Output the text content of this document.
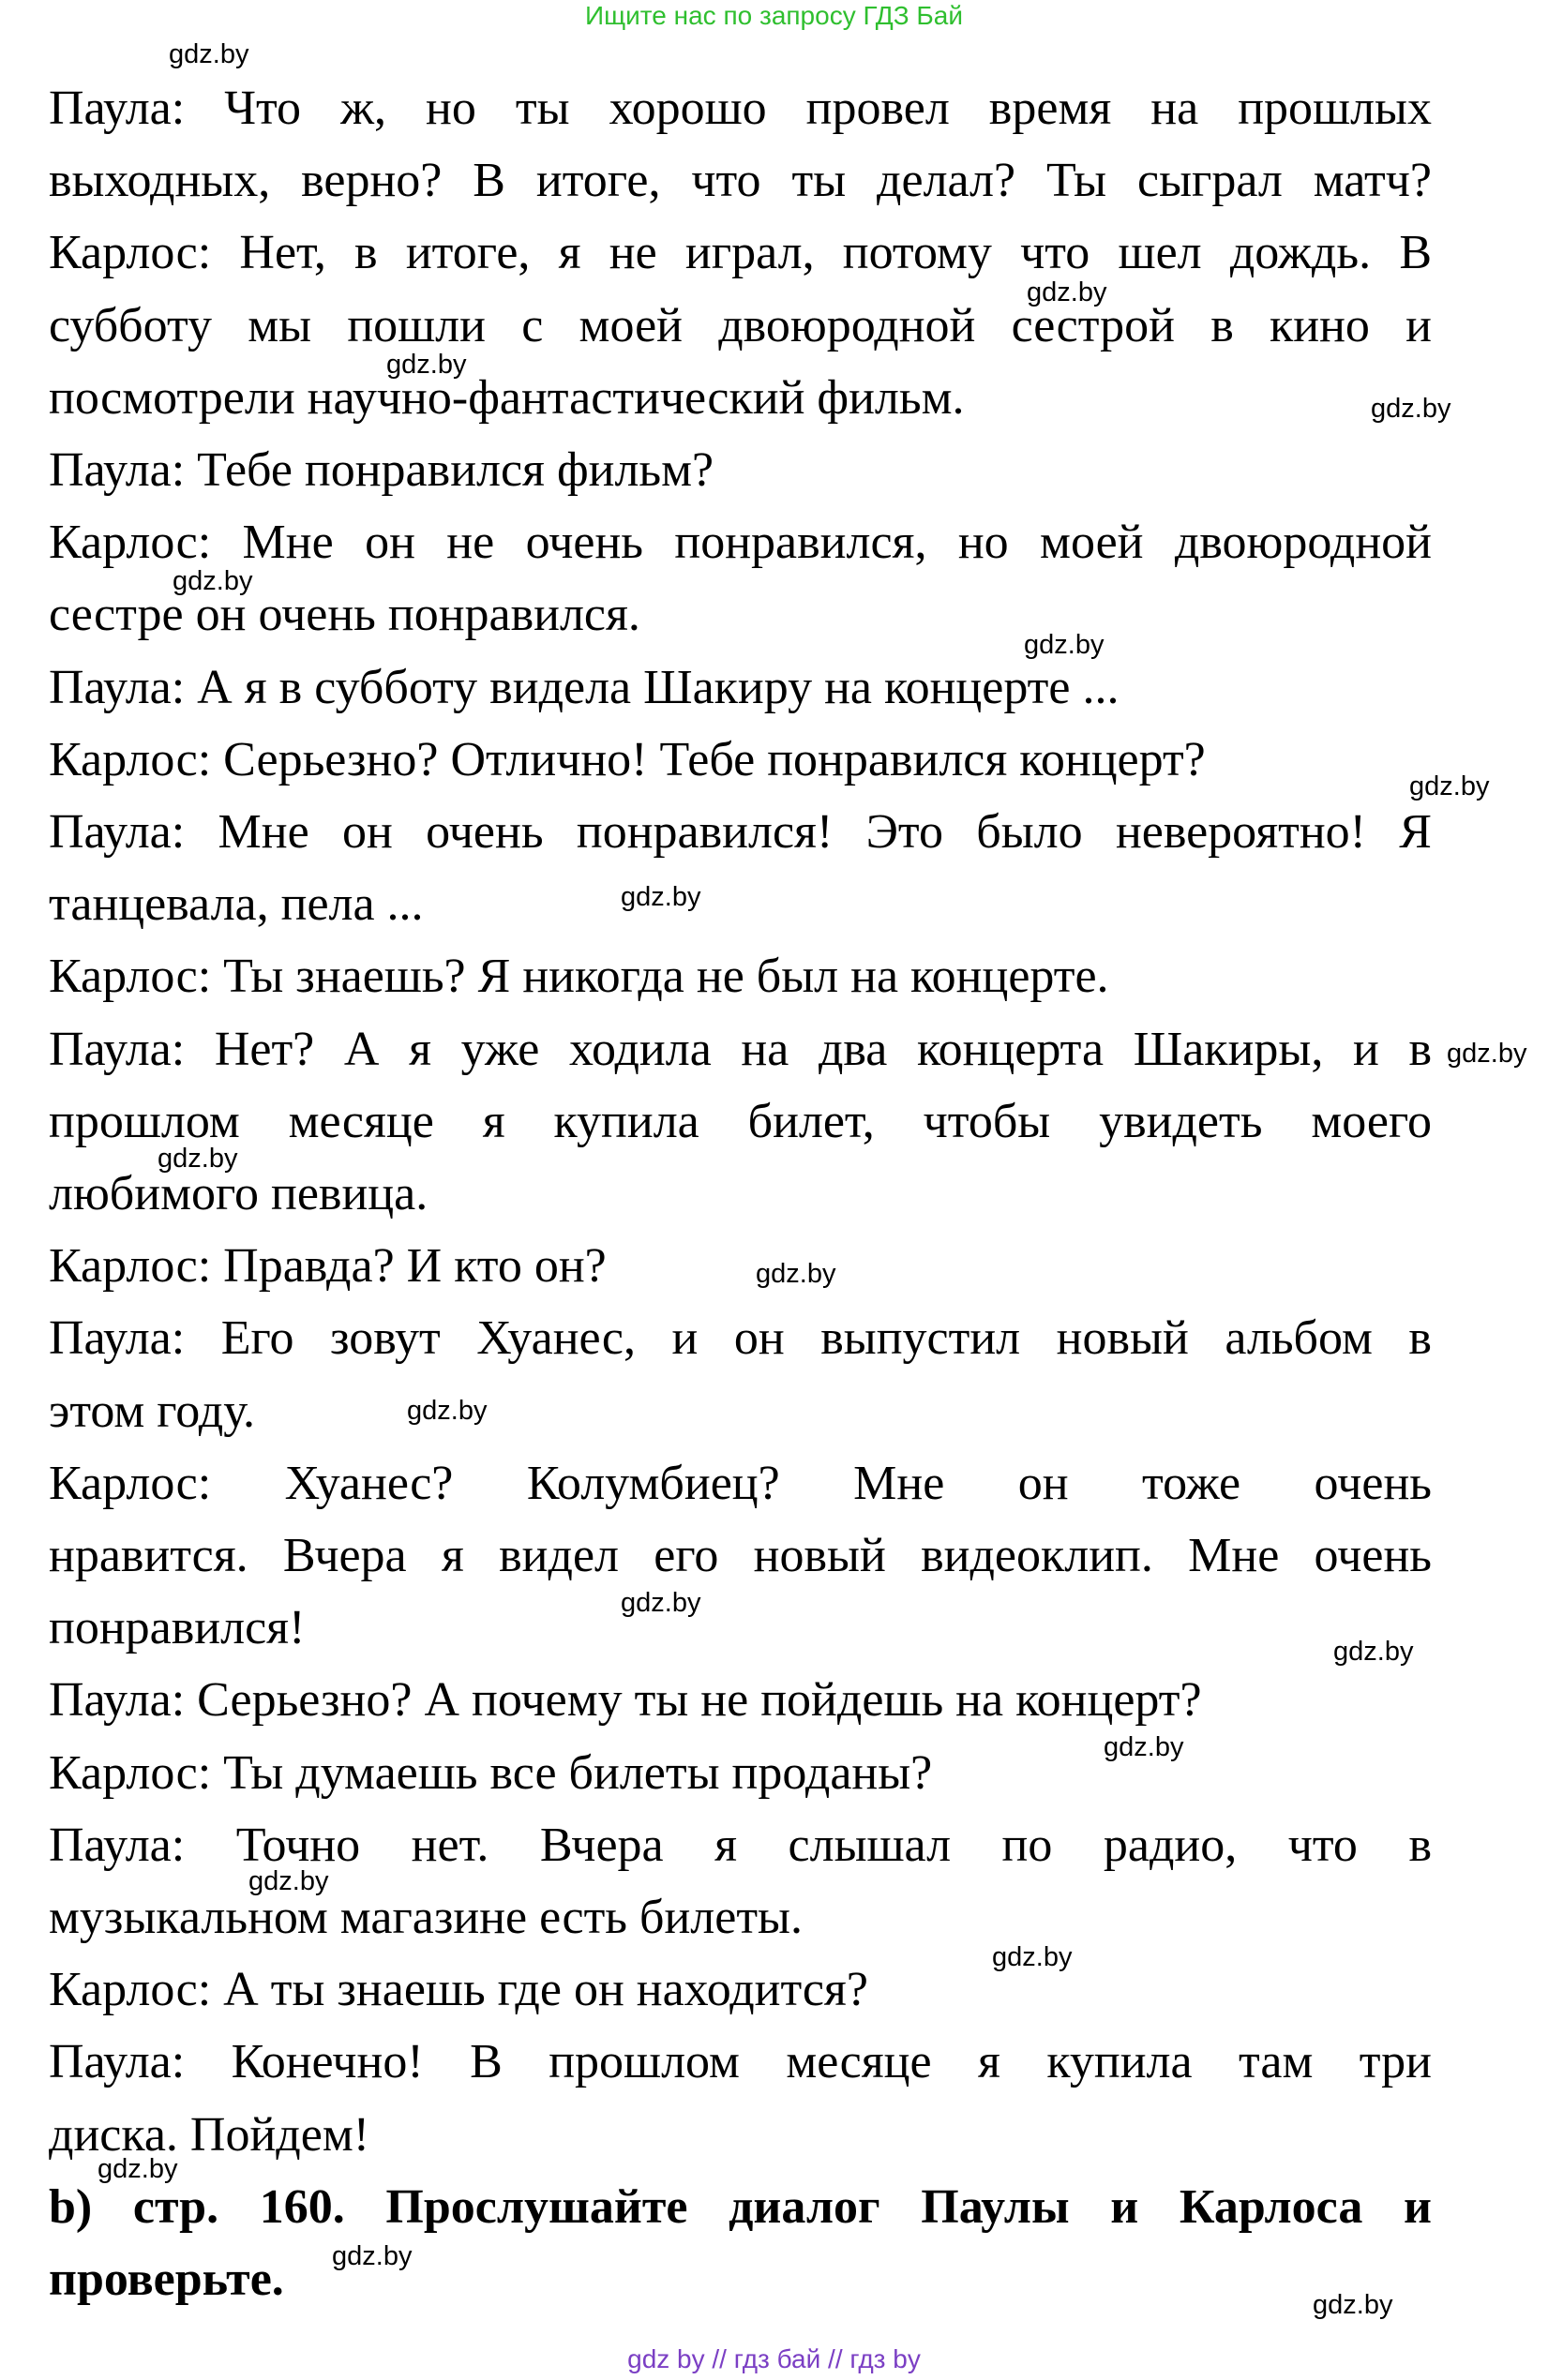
Ищите нас по запросу ГДЗ Бай
Паула: Что ж, но ты хорошо провел время на прошлых
выходных, верно? В итоге, что ты делал? Ты сыграл матч?
Карлос: Нет, в итоге, я не играл, потому что шел дождь. В
субботу мы пошли с моей двоюродной сестрой в кино и
посмотрели научно-фантастический фильм.
Паула: Тебе понравился фильм?
Карлос: Мне он не очень понравился, но моей двоюродной
сестре он очень понравился.
Паула: А я в субботу видела Шакиру на концерте ...
Карлос: Серьезно? Отлично! Тебе понравился концерт?
Паула: Мне он очень понравился! Это было невероятно! Я
танцевала, пела ...
Карлос: Ты знаешь? Я никогда не был на концерте.
Паула: Нет? А я уже ходила на два концерта Шакиры, и в
прошлом месяце я купила билет, чтобы увидеть моего
любимого певица.
Карлос: Правда? И кто он?
Паула: Его зовут Хуанес, и он выпустил новый альбом в
этом году.
Карлос: Хуанес? Колумбиец? Мне он тоже очень
нравится. Вчера я видел его новый видеоклип. Мне очень
понравился!
Паула: Серьезно? А почему ты не пойдешь на концерт?
Карлос: Ты думаешь все билеты проданы?
Паула: Точно нет. Вчера я слышал по радио, что в
музыкальном магазине есть билеты.
Карлос: А ты знаешь где он находится?
Паула: Конечно! В прошлом месяце я купила там три
диска. Пойдем!
b) стр. 160. Прослушайте диалог Паулы и Карлоса и
проверьте.
gdz.by
gdz.by
gdz.by
gdz.by
gdz.by
gdz.by
gdz.by
gdz.by
gdz.by
gdz.by
gdz.by
gdz.by
gdz.by
gdz.by
gdz.by
gdz.by
gdz.by
gdz.by
gdz.by
gdz.by
gdz by // гдз бай // гдз by
